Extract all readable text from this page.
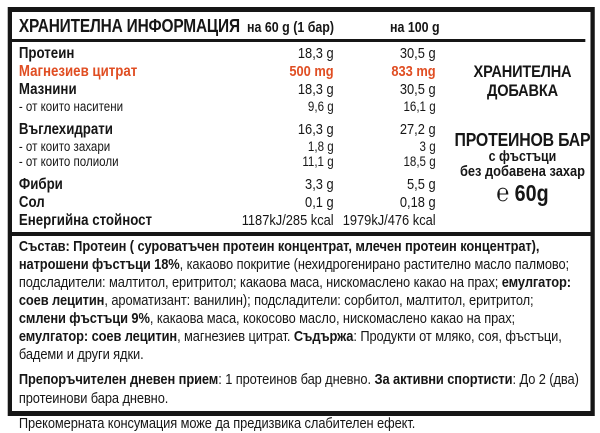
ХРАНИТЕЛНА ИНФОРМАЦИЯ на 60 g (1 бар)	на 100 g
Протеин	18,3 g	30,5 g
Магнезиев цитрат	500 mg	833 mg
Мазнини	18,3 g	30,5 g
- от които наситени	9,6 g	16,1 g
Въглехидрати	16,3 g	27,2 g
- от които захари	1,8 g	3 g
- от които полиоли	11,1 g	18,5 g
Фибри	3,3 g	5,5 g
Сол	0,1 g	0,18 g
Енергийна стойност	1187kJ/285 kcal 1979kJ/476 kcal
ХРАНИТЕЛНА
ДОБАВКА
ПРОТЕИНОВ БАР
с фъстъци
без добавена захар
℮ 60g
Състав: Протеин ( суроватъчен протеин концентрат, млечен протеин концентрат), натрошени фъстъци 18%, какаово покритие (нехидрогенирано растително масло палмово; подсладители: малтитол, еритритол; какаова маса, нискомаслено какао на прах; емулгатор: соев лецитин, ароматизант: ванилин); подсладители: сорбитол, малтитол, еритритол; смлени фъстъци 9%, какаова маса, кокосово масло, нискомаслено какао на прах; емулгатор: соев лецитин, магнезиев цитрат. Съдържа: Продукти от мляко, соя, фъстъци, бадеми и други ядки.
Препоръчителен дневен прием: 1 протеинов бар дневно. За активни спортисти: До 2 (два) протеинови бара дневно.
Прекомерната консумация може да предизвика слабителен ефект.
